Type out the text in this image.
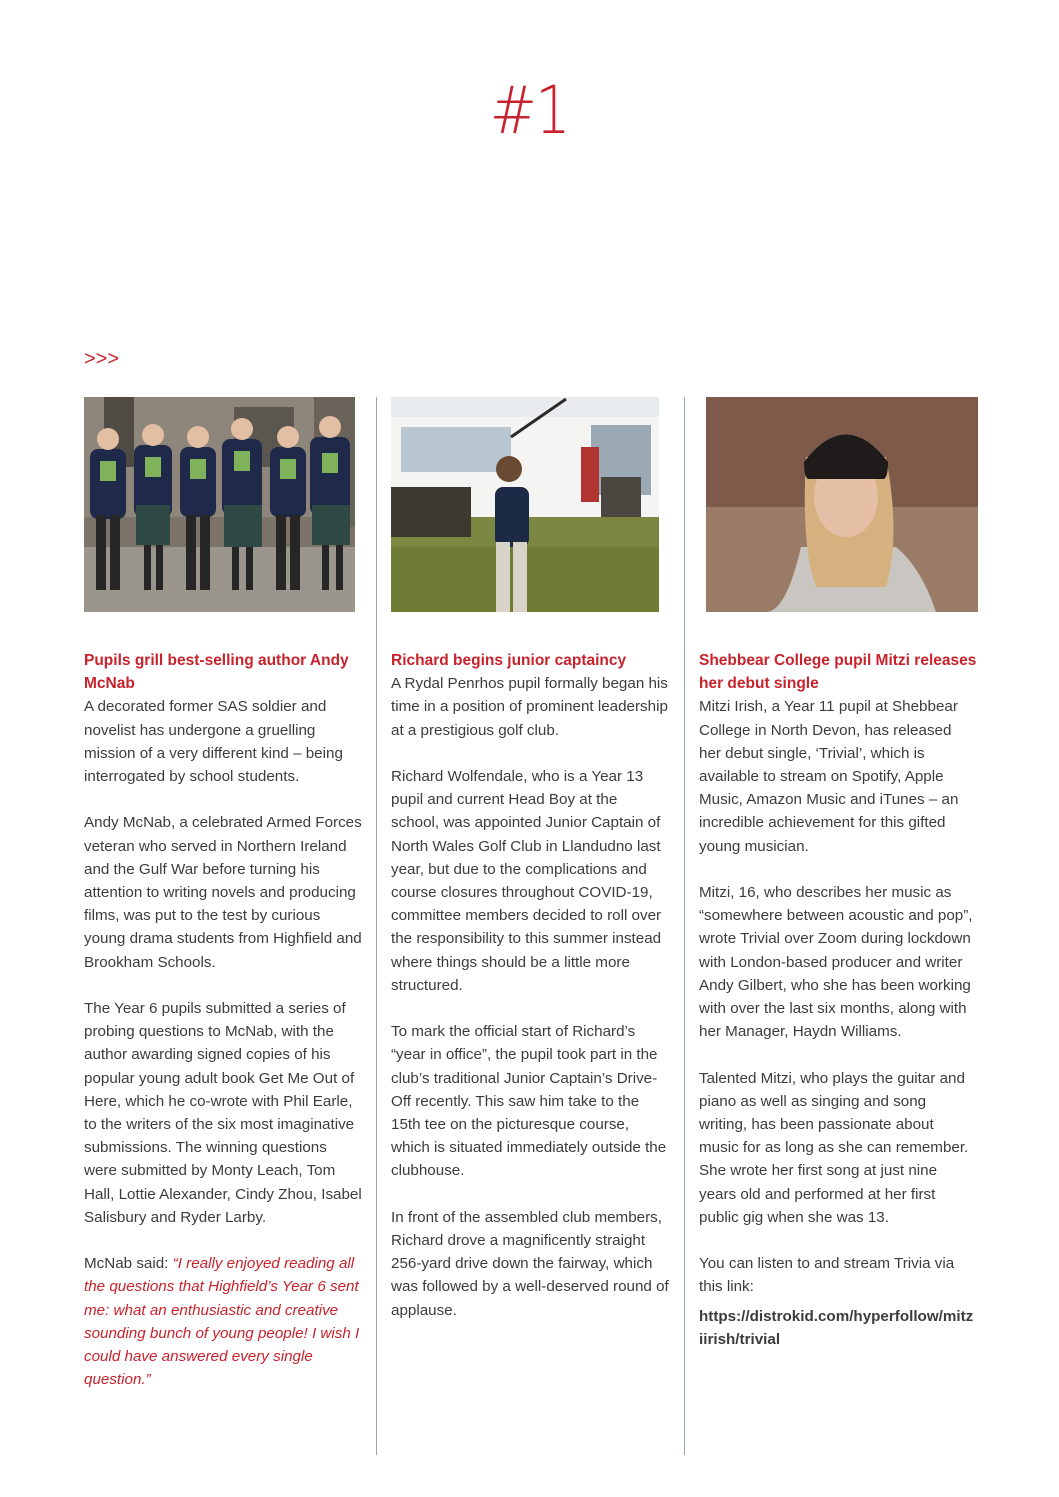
#1
>>>
Pupils grill best-selling author Andy McNab

A decorated former SAS soldier and novelist has undergone a gruelling mission of a very different kind – being interrogated by school students.

Andy McNab, a celebrated Armed Forces veteran who served in Northern Ireland and the Gulf War before turning his attention to writing novels and producing films, was put to the test by curious young drama students from Highfield and Brookham Schools.

The Year 6 pupils submitted a series of probing questions to McNab, with the author awarding signed copies of his popular young adult book Get Me Out of Here, which he co-wrote with Phil Earle, to the writers of the six most imaginative submissions. The winning questions were submitted by Monty Leach, Tom Hall, Lottie Alexander, Cindy Zhou, Isabel Salisbury and Ryder Larby.

McNab said: “I really enjoyed reading all the questions that Highfield’s Year 6 sent me: what an enthusiastic and creative sounding bunch of young people! I wish I could have answered every single question.”

Richard begins junior captaincy

A Rydal Penrhos pupil formally began his time in a position of prominent leadership at a prestigious golf club.

Richard Wolfendale, who is a Year 13 pupil and current Head Boy at the school, was appointed Junior Captain of North Wales Golf Club in Llandudno last year, but due to the complications and course closures throughout COVID-19, committee members decided to roll over the responsibility to this summer instead where things should be a little more structured.

To mark the official start of Richard’s “year in office”, the pupil took part in the club’s traditional Junior Captain’s Drive-Off recently. This saw him take to the 15th tee on the picturesque course, which is situated immediately outside the clubhouse.

In front of the assembled club members, Richard drove a magnificently straight 256-yard drive down the fairway, which was followed by a well-deserved round of applause.

Shebbear College pupil Mitzi releases her debut single

Mitzi Irish, a Year 11 pupil at Shebbear College in North Devon, has released her debut single, ‘Trivial’, which is available to stream on Spotify, Apple Music, Amazon Music and iTunes – an incredible achievement for this gifted young musician.

Mitzi, 16, who describes her music as “somewhere between acoustic and pop”, wrote Trivial over Zoom during lockdown with London-based producer and writer Andy Gilbert, who she has been working with over the last six months, along with her Manager, Haydn Williams.

Talented Mitzi, who plays the guitar and piano as well as singing and song writing, has been passionate about music for as long as she can remember. She wrote her first song at just nine years old and performed at her first public gig when she was 13.

You can listen to and stream Trivia via this link:

https://distrokid.com/hyperfollow/mitziirish/trivial
